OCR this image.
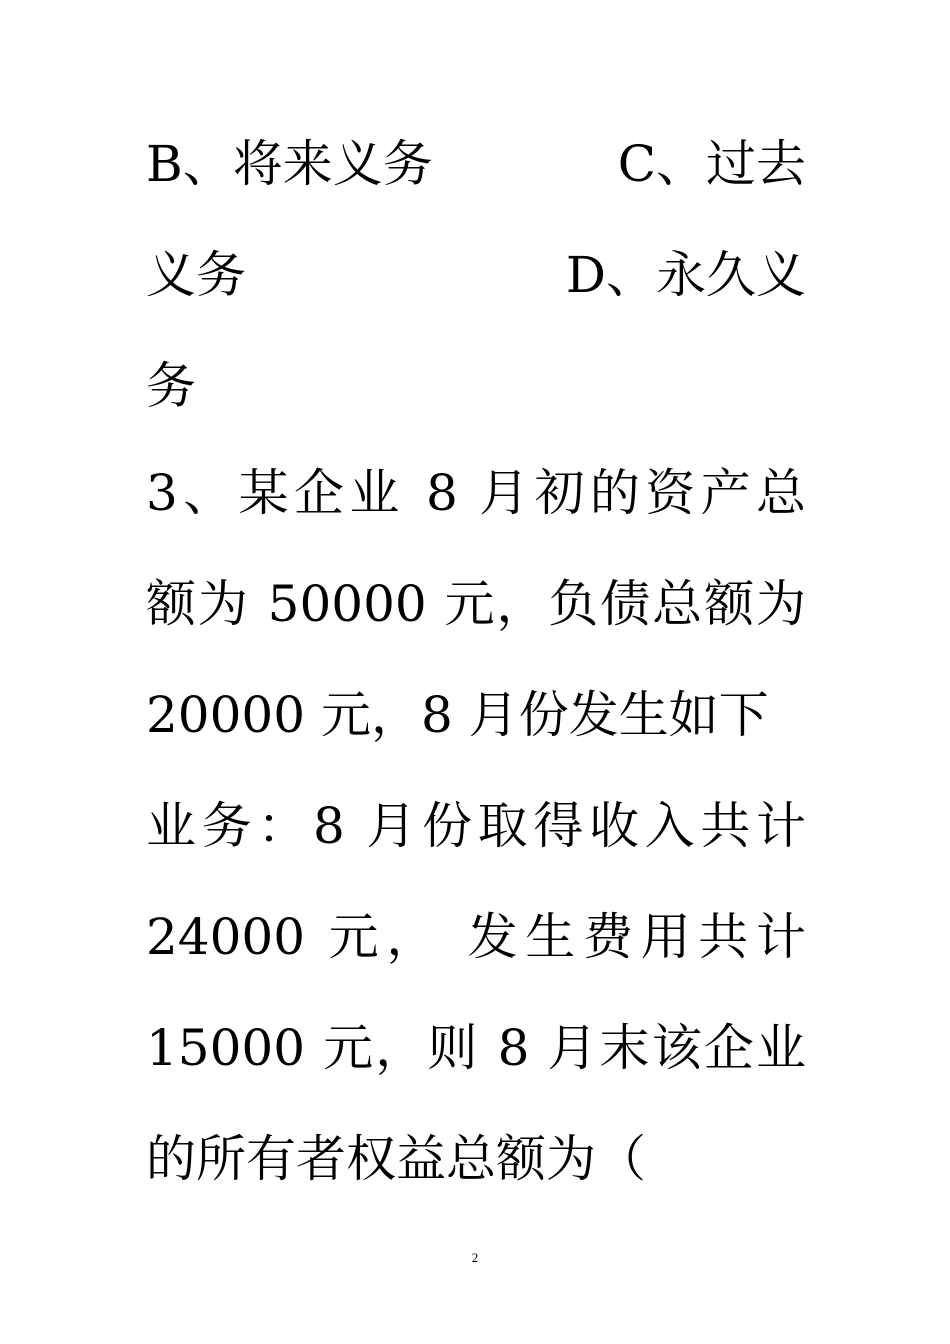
B、将来义务	C、过去
义务	D、永久义
务
3、某企业 8 月初的资产总
额为 50000 元，负债总额为
20000 元，8 月份发生如下
业务：8 月份取得收入共计
24000 元， 发生费用共计
15000 元，则 8 月末该企业
的所有者权益总额为（
2
